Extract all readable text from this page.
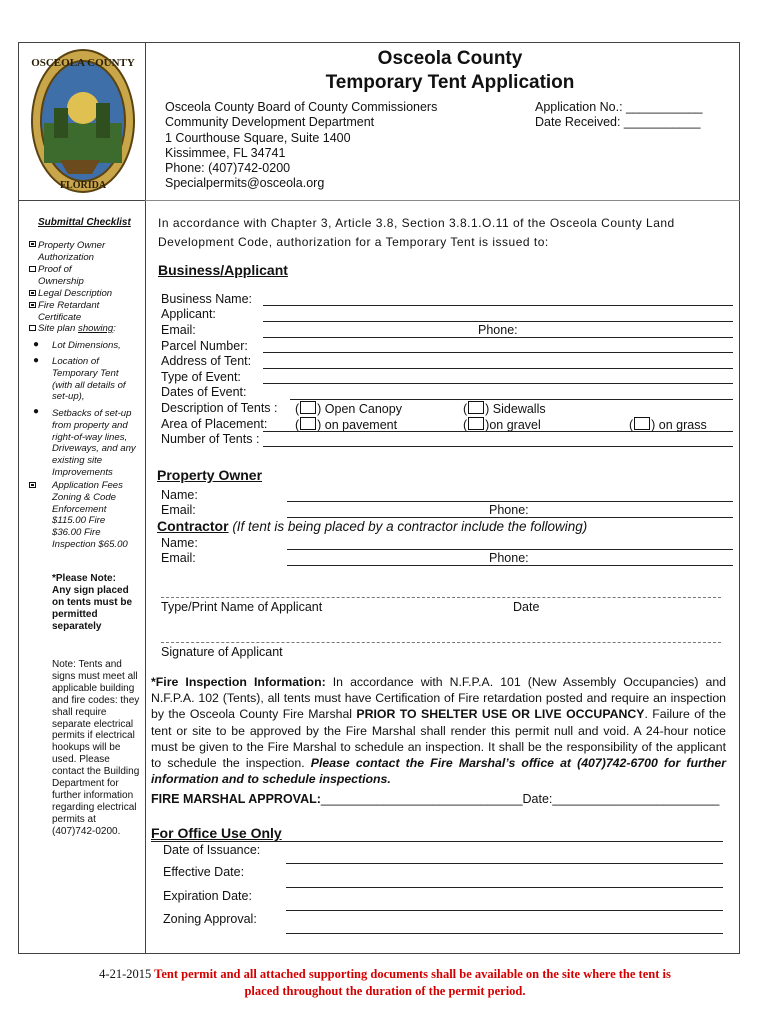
OSCEOLA COUNTY
FLORIDA
Osceola County
Temporary Tent Application
Osceola County Board of County Commissioners
Community Development Department
1 Courthouse Square, Suite 1400
Kissimmee, FL 34741
Phone: (407)742-0200
Specialpermits@osceola.org
Application No.: ___________
Date Received: ___________
Submittal Checklist
Property Owner Authorization
Proof of Ownership
Legal Description
Fire Retardant Certificate
Site plan showing:
● Lot Dimensions,
● Location of Temporary Tent (with all details of set-up),
● Setbacks of set-up from property and right-of-way lines, Driveways, and any existing site Improvements
Application Fees Zoning & Code Enforcement $115.00 Fire $36.00 Fire Inspection $65.00
*Please Note: Any sign placed on tents must be permitted separately
Note: Tents and signs must meet all applicable building and fire codes: they shall require separate electrical permits if electrical hookups will be used. Please contact the Building Department for further information regarding electrical permits at (407)742-0200.
In accordance with Chapter 3, Article 3.8, Section 3.8.1.O.11 of the Osceola County Land Development Code, authorization for a Temporary Tent is issued to:
Business/Applicant
Business Name:
Applicant:
Email:	Phone:
Parcel Number:
Address of Tent:
Type of Event:
Dates of Event:
Description of Tents : ( ) Open Canopy	( ) Sidewalls
Area of Placement: ( ) on pavement	( )on gravel	( ) on grass
Number of Tents :
Property Owner
Name:
Email:	Phone:
Contractor (If tent is being placed by a contractor include the following)
Name:
Email:	Phone:
Type/Print Name of Applicant	Date
Signature of Applicant
*Fire Inspection Information: In accordance with N.F.P.A. 101 (New Assembly Occupancies) and N.F.P.A. 102 (Tents), all tents must have Certification of Fire retardation posted and require an inspection by the Osceola County Fire Marshal PRIOR TO SHELTER USE OR LIVE OCCUPANCY. Failure of the tent or site to be approved by the Fire Marshal shall render this permit null and void. A 24-hour notice must be given to the Fire Marshal to schedule an inspection. It shall be the responsibility of the applicant to schedule the inspection. Please contact the Fire Marshal’s office at (407)742-6700 for further information and to schedule inspections.
FIRE MARSHAL APPROVAL:_____________________________Date:________________________
For Office Use Only
Date of Issuance:
Effective Date:
Expiration Date:
Zoning Approval:
4-21-2015 Tent permit and all attached supporting documents shall be available on the site where the tent is
placed throughout the duration of the permit period.
